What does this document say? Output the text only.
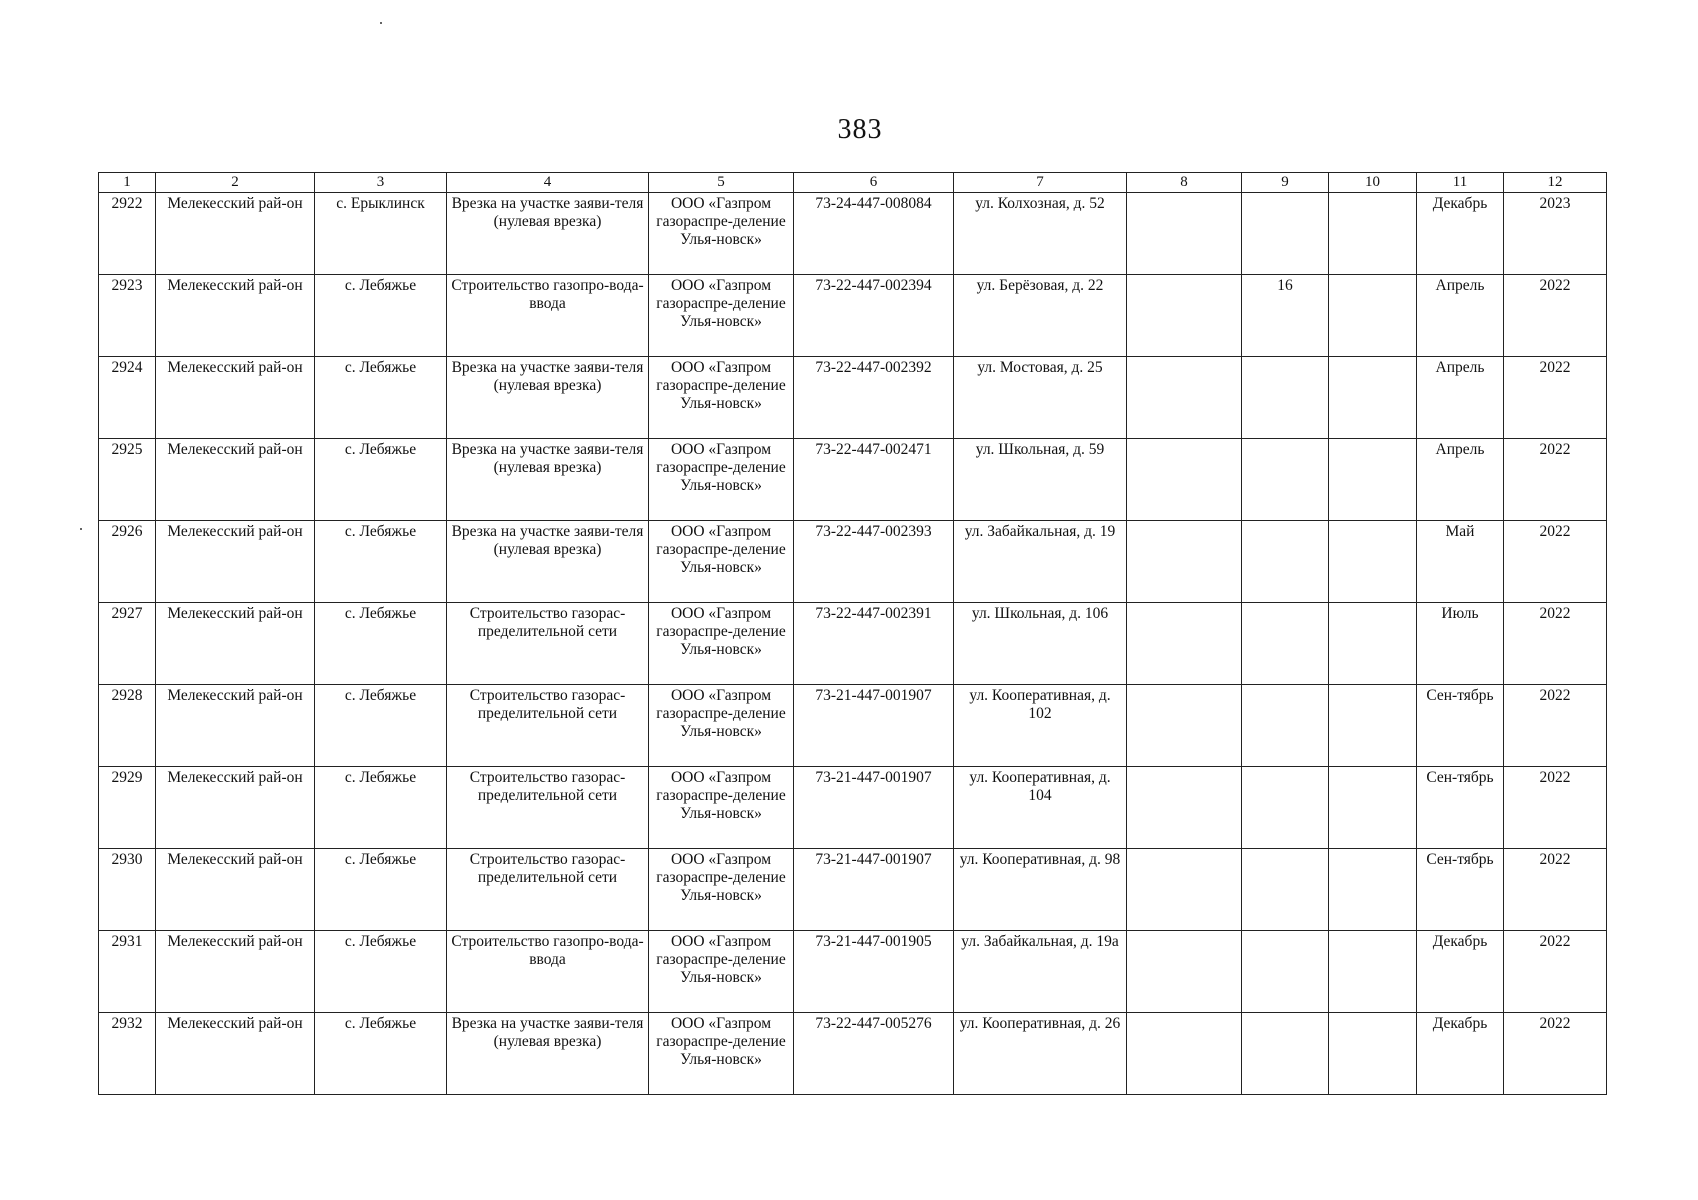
383
1	2	3	4	5	6	7	8	9	10	11	12
2922	Мелекесский рай-он	с. Ерыклинск	Врезка на участке заяви-теля (нулевая врезка)	ООО «Газпром газораспре-деление Улья-новск»	73-24-447-008084	ул. Колхозная, д. 52				Декабрь	2023
2923	Мелекесский рай-он	с. Лебяжье	Строительство газопро-вода-ввода	ООО «Газпром газораспре-деление Улья-новск»	73-22-447-002394	ул. Берёзовая, д. 22		16		Апрель	2022
2924	Мелекесский рай-он	с. Лебяжье	Врезка на участке заяви-теля (нулевая врезка)	ООО «Газпром газораспре-деление Улья-новск»	73-22-447-002392	ул. Мостовая, д. 25				Апрель	2022
2925	Мелекесский рай-он	с. Лебяжье	Врезка на участке заяви-теля (нулевая врезка)	ООО «Газпром газораспре-деление Улья-новск»	73-22-447-002471	ул. Школьная, д. 59				Апрель	2022
2926	Мелекесский рай-он	с. Лебяжье	Врезка на участке заяви-теля (нулевая врезка)	ООО «Газпром газораспре-деление Улья-новск»	73-22-447-002393	ул. Забайкальная, д. 19				Май	2022
2927	Мелекесский рай-он	с. Лебяжье	Строительство газорас-пределительной сети	ООО «Газпром газораспре-деление Улья-новск»	73-22-447-002391	ул. Школьная, д. 106				Июль	2022
2928	Мелекесский рай-он	с. Лебяжье	Строительство газорас-пределительной сети	ООО «Газпром газораспре-деление Улья-новск»	73-21-447-001907	ул. Кооперативная, д. 102				Сен-тябрь	2022
2929	Мелекесский рай-он	с. Лебяжье	Строительство газорас-пределительной сети	ООО «Газпром газораспре-деление Улья-новск»	73-21-447-001907	ул. Кооперативная, д. 104				Сен-тябрь	2022
2930	Мелекесский рай-он	с. Лебяжье	Строительство газорас-пределительной сети	ООО «Газпром газораспре-деление Улья-новск»	73-21-447-001907	ул. Кооперативная, д. 98				Сен-тябрь	2022
2931	Мелекесский рай-он	с. Лебяжье	Строительство газопро-вода-ввода	ООО «Газпром газораспре-деление Улья-новск»	73-21-447-001905	ул. Забайкальная, д. 19а				Декабрь	2022
2932	Мелекесский рай-он	с. Лебяжье	Врезка на участке заяви-теля (нулевая врезка)	ООО «Газпром газораспре-деление Улья-новск»	73-22-447-005276	ул. Кооперативная, д. 26				Декабрь	2022
